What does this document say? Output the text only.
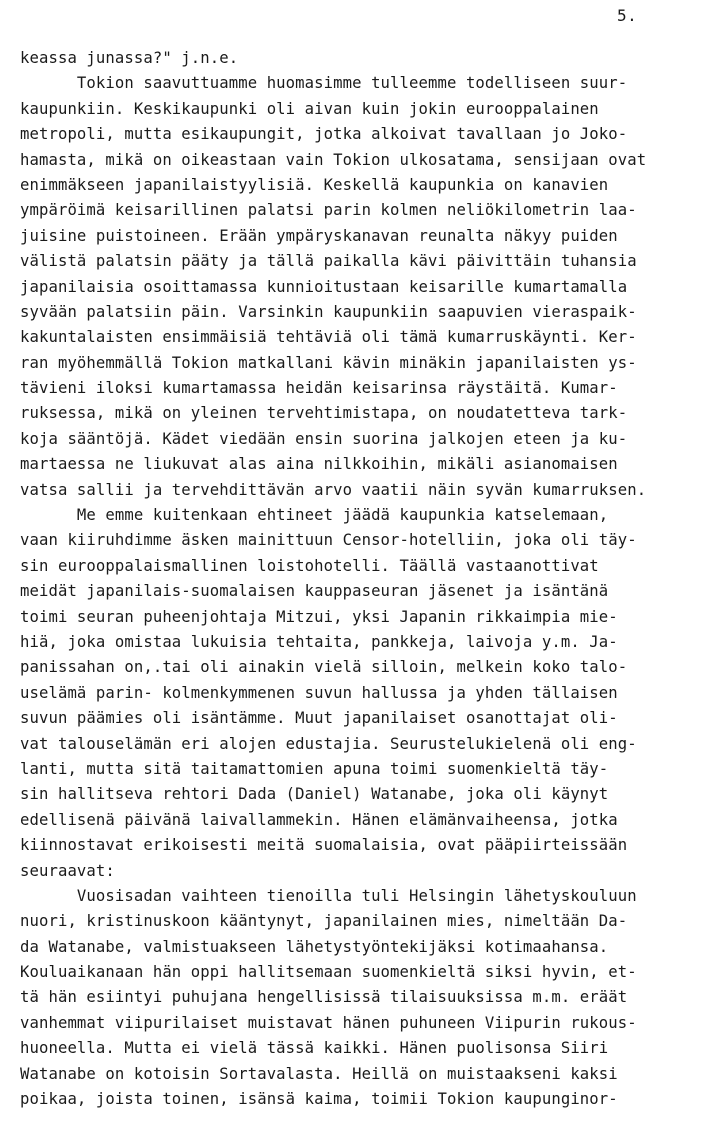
5.
keassa junassa?" j.n.e.
Tokion saavuttuamme huomasimme tulleemme todelliseen suur-
kaupunkiin. Keskikaupunki oli aivan kuin jokin eurooppalainen
metropoli, mutta esikaupungit, jotka alkoivat tavallaan jo Joko-
hamasta, mikä on oikeastaan vain Tokion ulkosatama, sensijaan ovat
enimmäkseen japanilaistyylisiä. Keskellä kaupunkia on kanavien
ympäröimä keisarillinen palatsi parin kolmen neliökilometrin laa-
juisine puistoineen. Erään ympäryskanavan reunalta näkyy puiden
välistä palatsin pääty ja tällä paikalla kävi päivittäin tuhansia
japanilaisia osoittamassa kunnioitustaan keisarille kumartamalla
syvään palatsiin päin. Varsinkin kaupunkiin saapuvien vieraspaik-
kakuntalaisten ensimmäisiä tehtäviä oli tämä kumarruskäynti. Ker-
ran myöhemmällä Tokion matkallani kävin minäkin japanilaisten ys-
tävieni iloksi kumartamassa heidän keisarinsa räystäitä. Kumar-
ruksessa, mikä on yleinen tervehtimistapa, on noudatetteva tark-
koja sääntöjä. Kädet viedään ensin suorina jalkojen eteen ja ku-
martaessa ne liukuvat alas aina nilkkoihin, mikäli asianomaisen
vatsa sallii ja tervehdittävän arvo vaatii näin syvän kumarruksen.
Me emme kuitenkaan ehtineet jäädä kaupunkia katselemaan,
vaan kiiruhdimme äsken mainittuun Censor-hotelliin, joka oli täy-
sin eurooppalaismallinen loistohotelli. Täällä vastaanottivat
meidät japanilais-suomalaisen kauppaseuran jäsenet ja isäntänä
toimi seuran puheenjohtaja Mitzui, yksi Japanin rikkaimpia mie-
hiä, joka omistaa lukuisia tehtaita, pankkeja, laivoja y.m. Ja-
panissahan on,.tai oli ainakin vielä silloin, melkein koko talo-
uselämä parin- kolmenkymmenen suvun hallussa ja yhden tällaisen
suvun päämies oli isäntämme. Muut japanilaiset osanottajat oli-
vat talouselämän eri alojen edustajia. Seurustelukielenä oli eng-
lanti, mutta sitä taitamattomien apuna toimi suomenkieltä täy-
sin hallitseva rehtori Dada (Daniel) Watanabe, joka oli käynyt
edellisenä päivänä laivallammekin. Hänen elämänvaiheensa, jotka
kiinnostavat erikoisesti meitä suomalaisia, ovat pääpiirteissään
seuraavat:
Vuosisadan vaihteen tienoilla tuli Helsingin lähetyskouluun
nuori, kristinuskoon kääntynyt, japanilainen mies, nimeltään Da-
da Watanabe, valmistuakseen lähetystyöntekijäksi kotimaahansa.
Kouluaikanaan hän oppi hallitsemaan suomenkieltä siksi hyvin, et-
tä hän esiintyi puhujana hengellisissä tilaisuuksissa m.m. eräät
vanhemmat viipurilaiset muistavat hänen puhuneen Viipurin rukous-
huoneella. Mutta ei vielä tässä kaikki. Hänen puolisonsa Siiri
Watanabe on kotoisin Sortavalasta. Heillä on muistaakseni kaksi
poikaa, joista toinen, isänsä kaima, toimii Tokion kaupunginor-
